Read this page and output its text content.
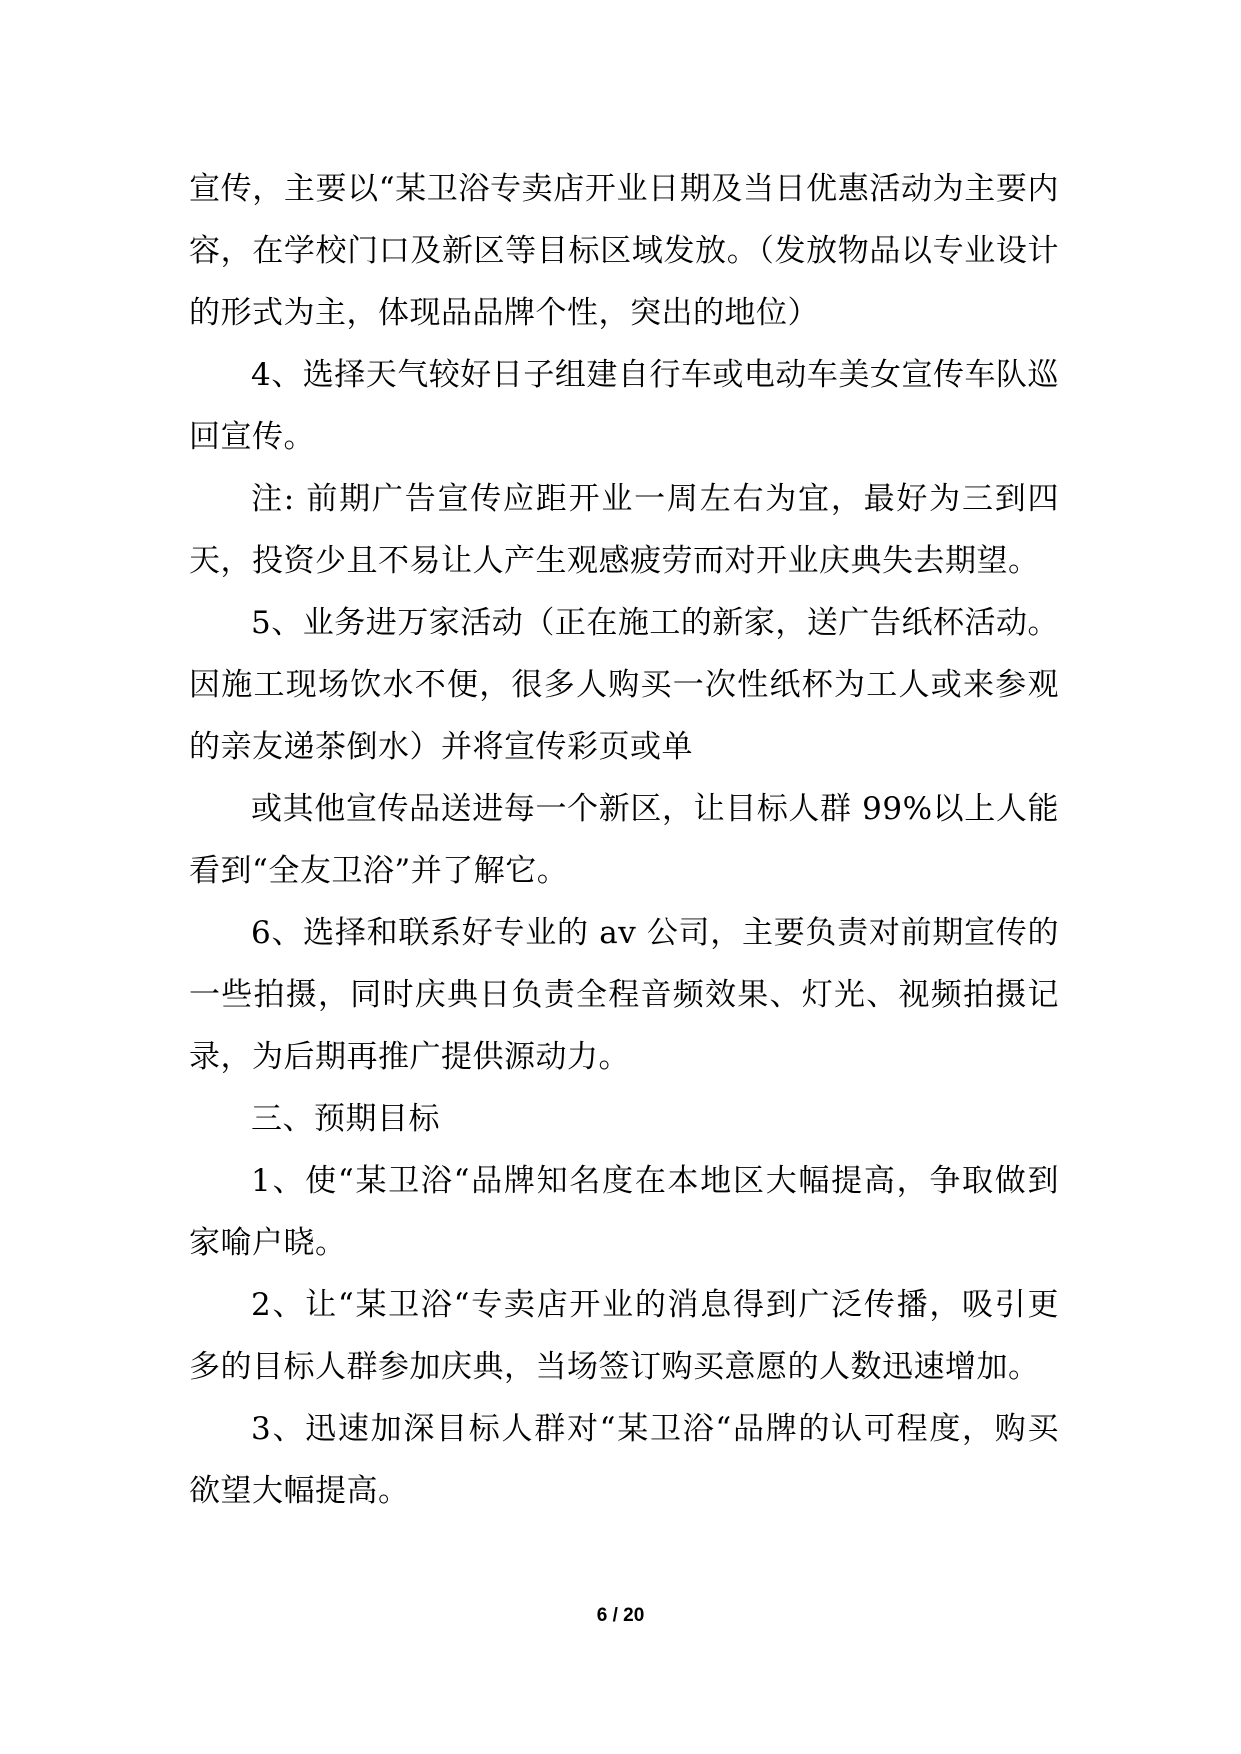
宣传，主要以“某卫浴专卖店开业日期及当日优惠活动为主要内容，在学校门口及新区等目标区域发放。（发放物品以专业设计的形式为主，体现品品牌个性，突出的地位）

4、选择天气较好日子组建自行车或电动车美女宣传车队巡回宣传。

注: 前期广告宣传应距开业一周左右为宜，最好为三到四天，投资少且不易让人产生观感疲劳而对开业庆典失去期望。

5、业务进万家活动（正在施工的新家，送广告纸杯活动。因施工现场饮水不便，很多人购买一次性纸杯为工人或来参观的亲友递茶倒水）并将宣传彩页或单

或其他宣传品送进每一个新区，让目标人群 99%以上人能看到“全友卫浴”并了解它。

6、选择和联系好专业的 av 公司，主要负责对前期宣传的一些拍摄，同时庆典日负责全程音频效果、灯光、视频拍摄记录，为后期再推广提供源动力。

三、预期目标

1、使“某卫浴“品牌知名度在本地区大幅提高，争取做到家喻户晓。

2、让“某卫浴“专卖店开业的消息得到广泛传播，吸引更多的目标人群参加庆典，当场签订购买意愿的人数迅速增加。

3、迅速加深目标人群对“某卫浴“品牌的认可程度，购买欲望大幅提高。

6 / 20
